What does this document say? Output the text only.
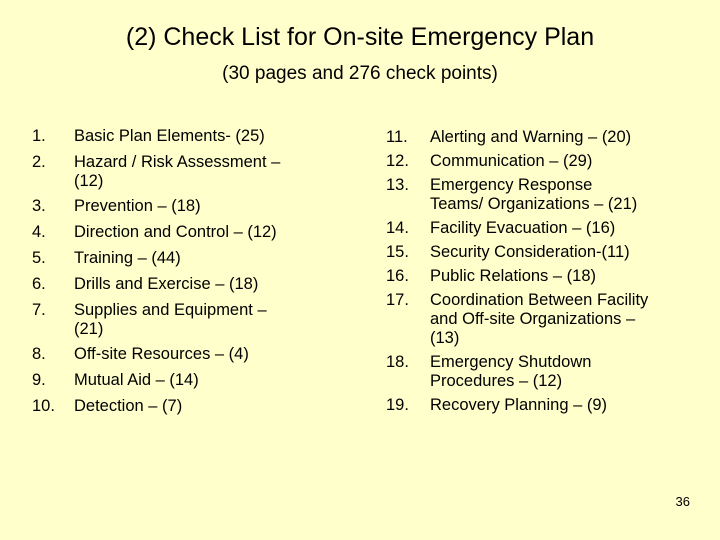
(2) Check List for On-site Emergency Plan
(30 pages and 276 check points)
1. Basic Plan Elements- (25)
2. Hazard / Risk Assessment –
(12)
3. Prevention – (18)
4. Direction and Control – (12)
5. Training – (44)
6. Drills and Exercise – (18)
7. Supplies and Equipment –
(21)
8. Off-site Resources – (4)
9. Mutual Aid – (14)
10. Detection – (7)
11. Alerting and Warning – (20)
12. Communication – (29)
13. Emergency Response
Teams/ Organizations – (21)
14. Facility Evacuation – (16)
15. Security Consideration-(11)
16. Public Relations – (18)
17. Coordination Between Facility
and Off-site Organizations –
(13)
18. Emergency Shutdown
Procedures – (12)
19. Recovery Planning – (9)
36
